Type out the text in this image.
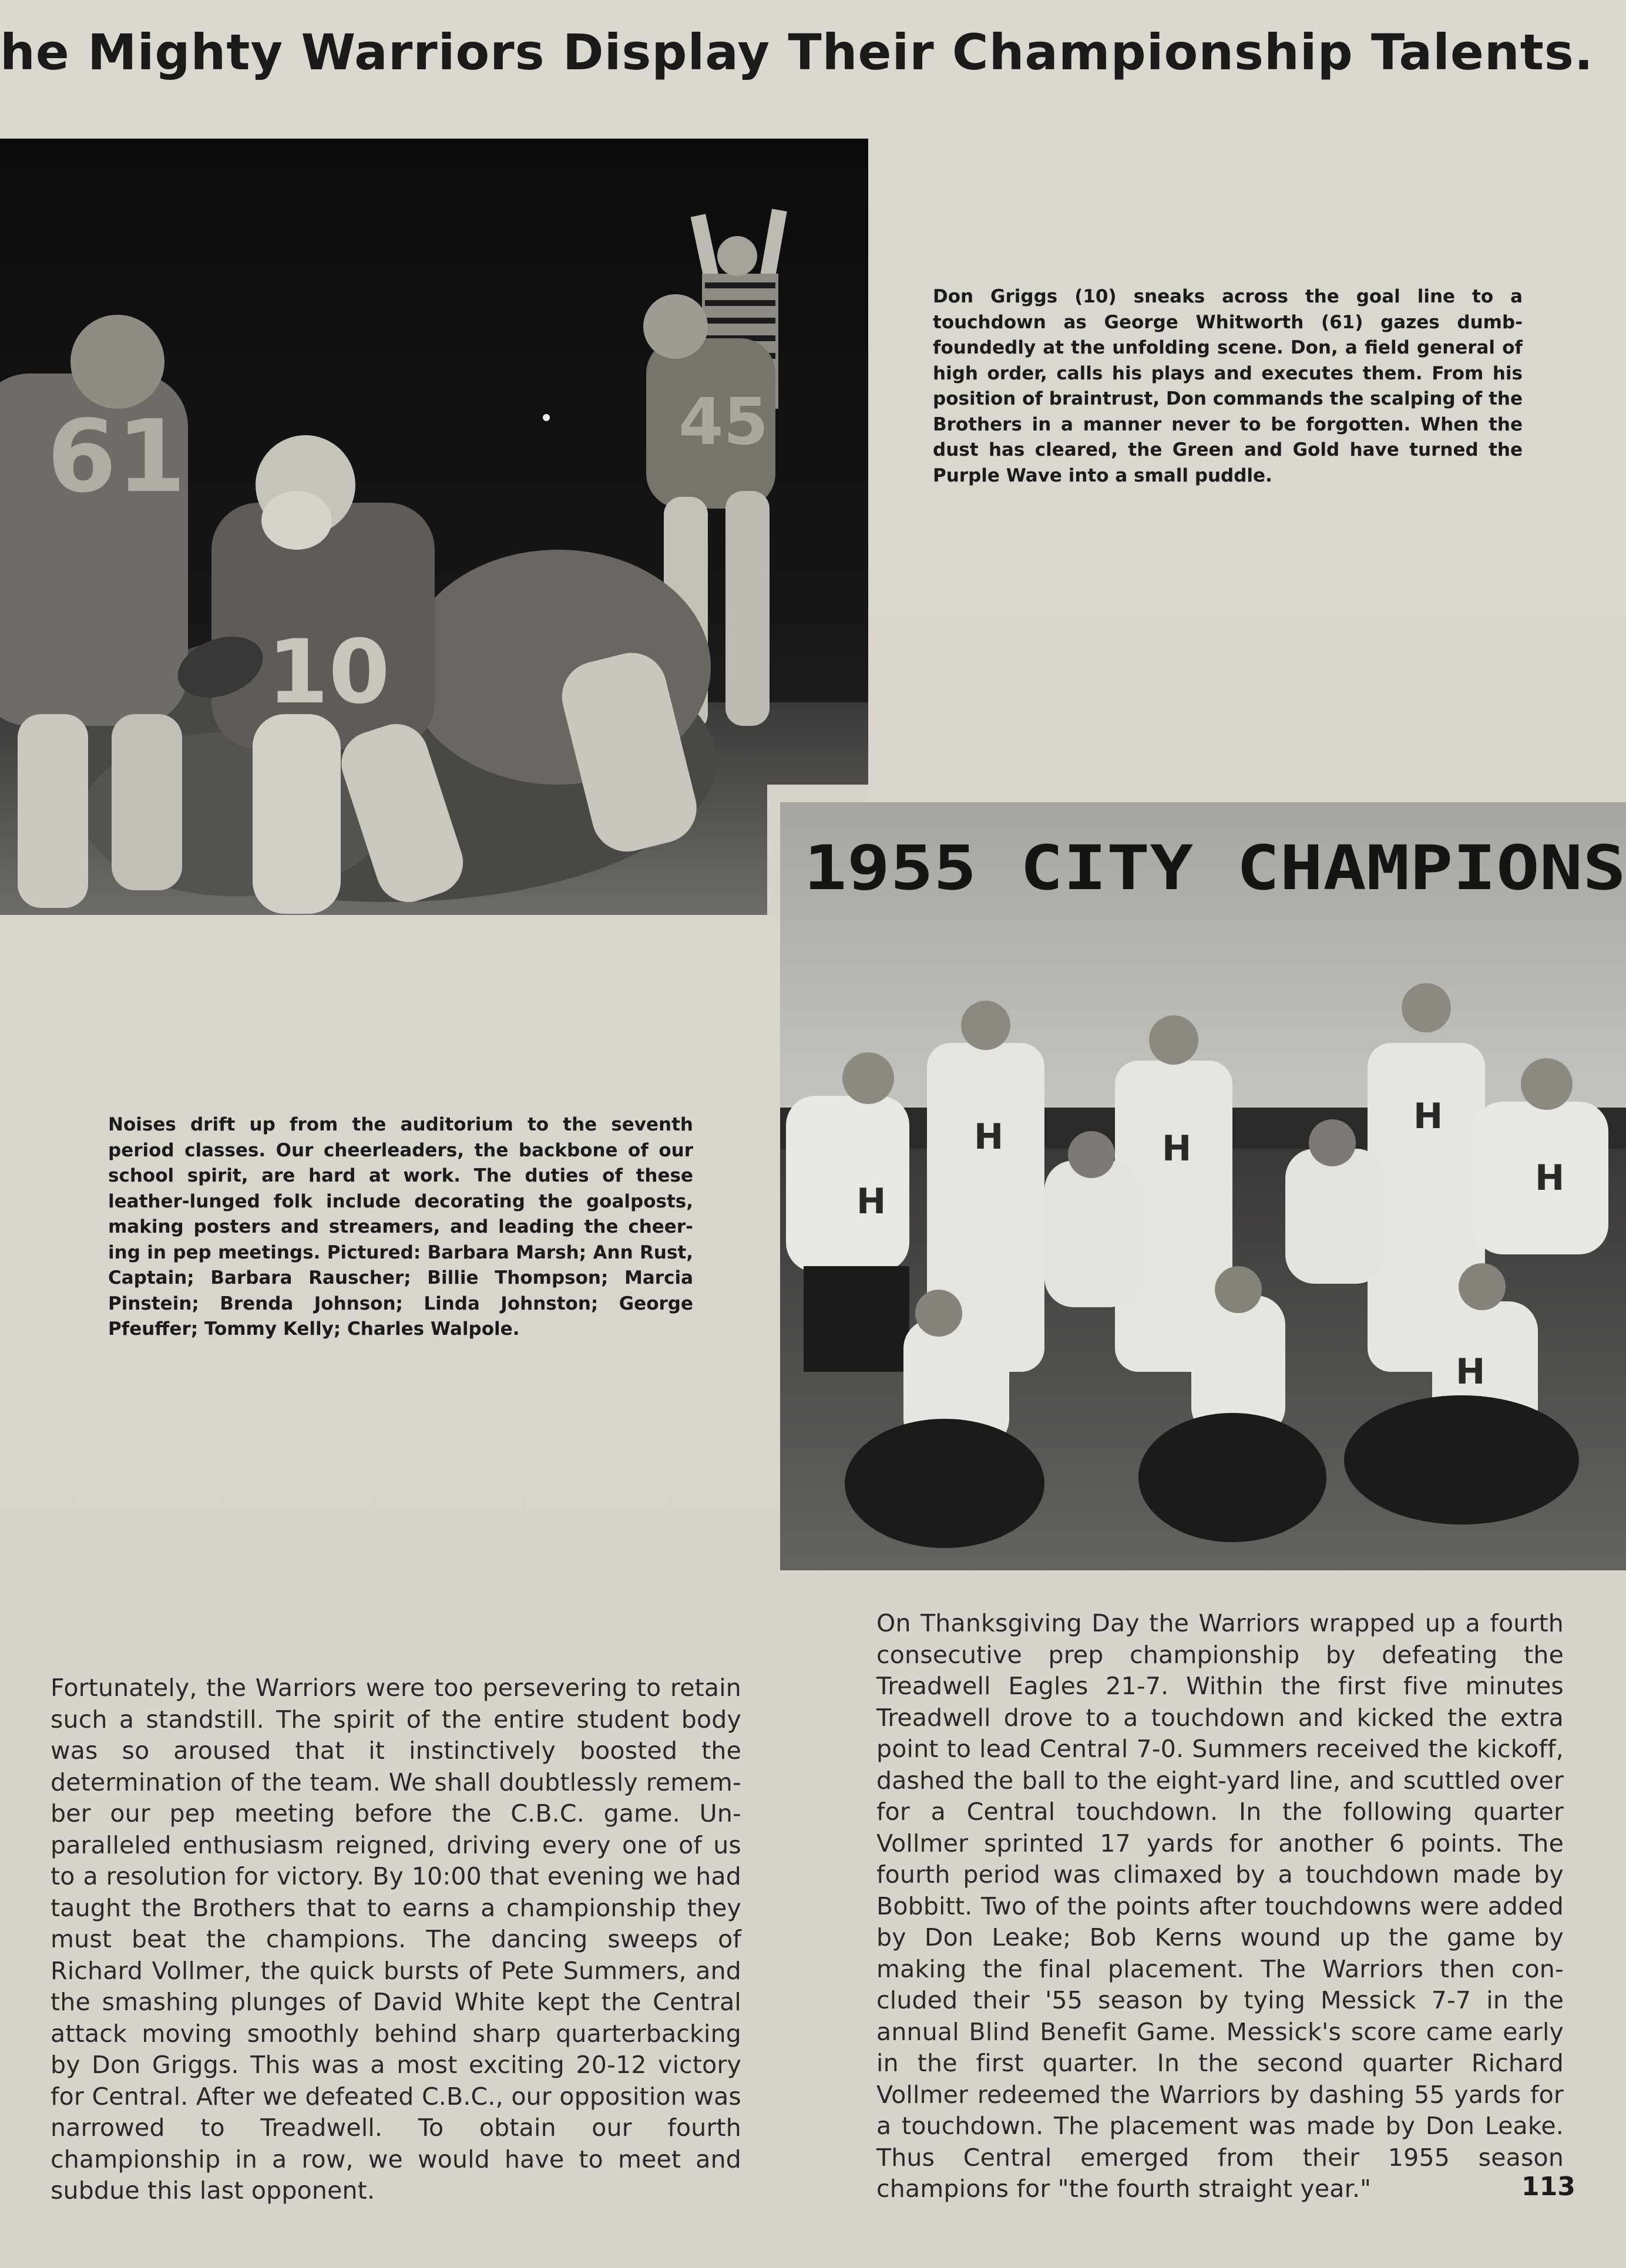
he Mighty Warriors Display Their Championship Talents.
45
61
10
1955 CITY CHAMPIONS
H
H	H
H
H
H

Don Griggs (10) sneaks across the goal line to a touchdown as George Whitworth (61) gazes dumb-foundedly at the unfolding scene. Don, a field general of high order, calls his plays and executes them. From his position of braintrust, Don commands the scalping of the Brothers in a manner never to be forgotten. When the dust has cleared, the Green and Gold have turned the Purple Wave into a small puddle.

Noises drift up from the auditorium to the seventh period classes. Our cheerleaders, the backbone of our school spirit, are hard at work. The duties of these leather-lunged folk include decorating the goalposts, making posters and streamers, and leading the cheer-ing in pep meetings. Pictured: Barbara Marsh; Ann Rust, Captain; Barbara Rauscher; Billie Thompson; Marcia Pinstein; Brenda Johnson; Linda Johnston; George Pfeuffer; Tommy Kelly; Charles Walpole.

Fortunately, the Warriors were too persevering to retain such a standstill. The spirit of the entire student body was so aroused that it instinctively boosted the determination of the team. We shall doubtlessly remem-ber our pep meeting before the C.B.C. game. Un-paralleled enthusiasm reigned, driving every one of us to a resolution for victory. By 10:00 that evening we had taught the Brothers that to earns a championship they must beat the champions. The dancing sweeps of Richard Vollmer, the quick bursts of Pete Summers, and the smashing plunges of David White kept the Central attack moving smoothly behind sharp quarterbacking by Don Griggs. This was a most exciting 20-12 victory for Central. After we defeated C.B.C., our opposition was narrowed to Treadwell. To obtain our fourth championship in a row, we would have to meet and subdue this last opponent.

On Thanksgiving Day the Warriors wrapped up a fourth consecutive prep championship by defeating the Treadwell Eagles 21-7. Within the first five minutes Treadwell drove to a touchdown and kicked the extra point to lead Central 7-0. Summers received the kickoff, dashed the ball to the eight-yard line, and scuttled over for a Central touchdown. In the following quarter Vollmer sprinted 17 yards for another 6 points. The fourth period was climaxed by a touchdown made by Bobbitt. Two of the points after touchdowns were added by Don Leake; Bob Kerns wound up the game by making the final placement. The Warriors then con-cluded their '55 season by tying Messick 7-7 in the annual Blind Benefit Game. Messick's score came early in the first quarter. In the second quarter Richard Vollmer redeemed the Warriors by dashing 55 yards for a touchdown. The placement was made by Don Leake. Thus Central emerged from their 1955 season champions for "the fourth straight year."	113
